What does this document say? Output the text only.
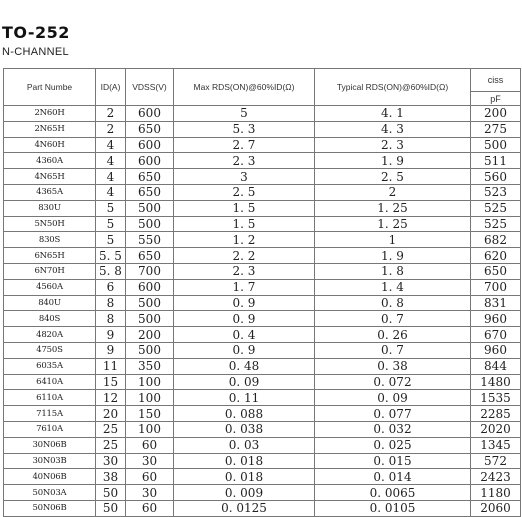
TO-252
N-CHANNEL
Part Numbe	ID(A)	VDSS(V)	Max RDS(ON)@60%ID(Ω)	Typical RDS(ON)@60%ID(Ω)	ciss
					pF
2N60H	2	600	5	4. 1	200
2N65H	2	650	5. 3	4. 3	275
4N60H	4	600	2. 7	2. 3	500
4360A	4	600	2. 3	1. 9	511
4N65H	4	650	3	2. 5	560
4365A	4	650	2. 5	2	523
830U	5	500	1. 5	1. 25	525
5N50H	5	500	1. 5	1. 25	525
830S	5	550	1. 2	1	682
6N65H	5. 5	650	2. 2	1. 9	620
6N70H	5. 8	700	2. 3	1. 8	650
4560A	6	600	1. 7	1. 4	700
840U	8	500	0. 9	0. 8	831
840S	8	500	0. 9	0. 7	960
4820A	9	200	0. 4	0. 26	670
4750S	9	500	0. 9	0. 7	960
6035A	11	350	0. 48	0. 38	844
6410A	15	100	0. 09	0. 072	1480
6110A	12	100	0. 11	0. 09	1535
7115A	20	150	0. 088	0. 077	2285
7610A	25	100	0. 038	0. 032	2020
30N06B	25	60	0. 03	0. 025	1345
30N03B	30	30	0. 018	0. 015	572
40N06B	38	60	0. 018	0. 014	2423
50N03A	50	30	0. 009	0. 0065	1180
50N06B	50	60	0. 0125	0. 0105	2060
